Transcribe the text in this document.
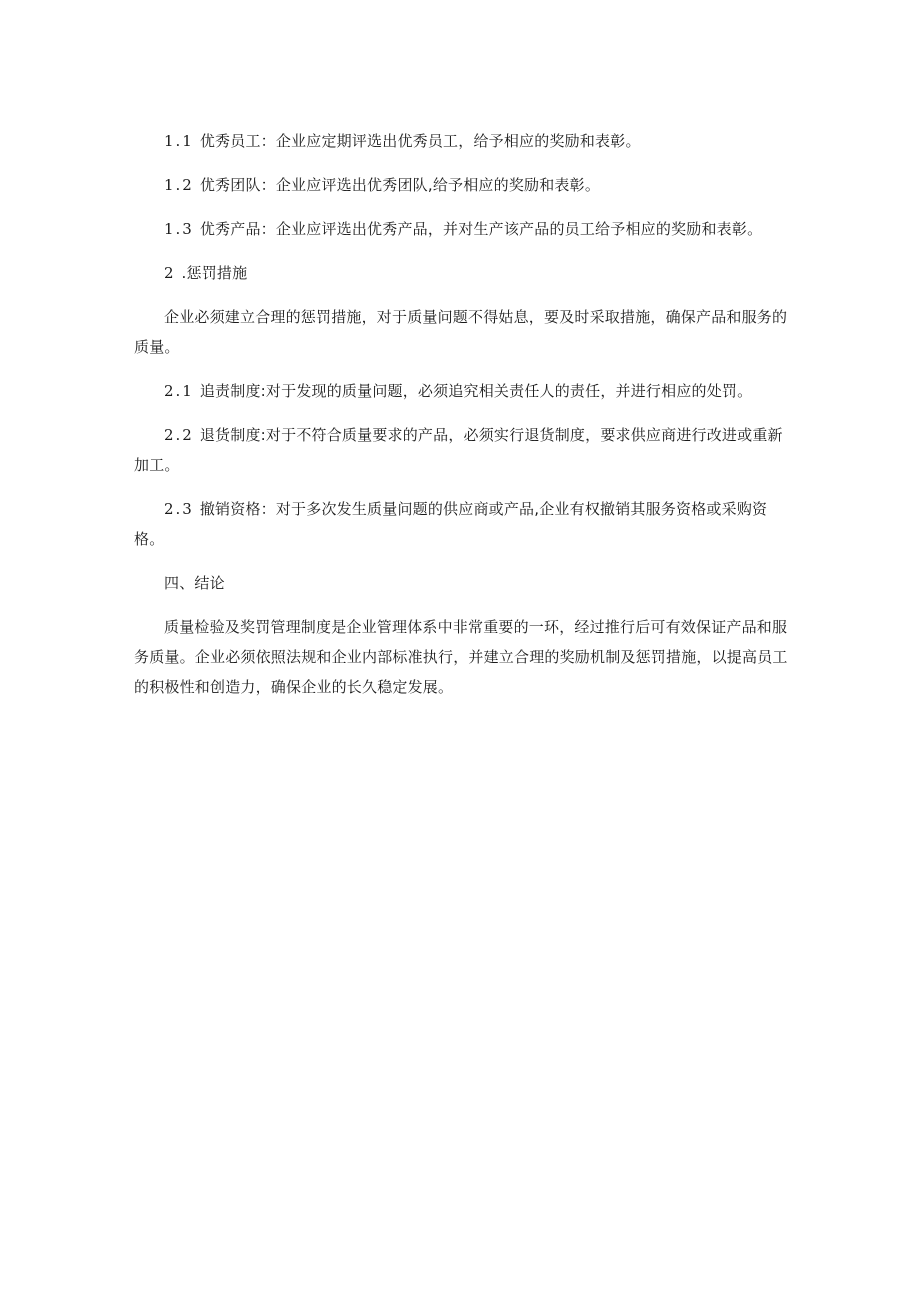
1.1 优秀员工：企业应定期评选出优秀员工，给予相应的奖励和表彰。

1.2 优秀团队：企业应评选出优秀团队,给予相应的奖励和表彰。

1.3 优秀产品：企业应评选出优秀产品，并对生产该产品的员工给予相应的奖励和表彰。

2 .惩罚措施

企业必须建立合理的惩罚措施，对于质量问题不得姑息，要及时采取措施，确保产品和服务的质量。

2.1 追责制度:对于发现的质量问题，必须追究相关责任人的责任，并进行相应的处罚。

2.2 退货制度:对于不符合质量要求的产品，必须实行退货制度，要求供应商进行改进或重新加工。

2.3 撤销资格：对于多次发生质量问题的供应商或产品,企业有权撤销其服务资格或采购资格。

四、结论

质量检验及奖罚管理制度是企业管理体系中非常重要的一环，经过推行后可有效保证产品和服务质量。企业必须依照法规和企业内部标准执行，并建立合理的奖励机制及惩罚措施，以提高员工的积极性和创造力，确保企业的长久稳定发展。
